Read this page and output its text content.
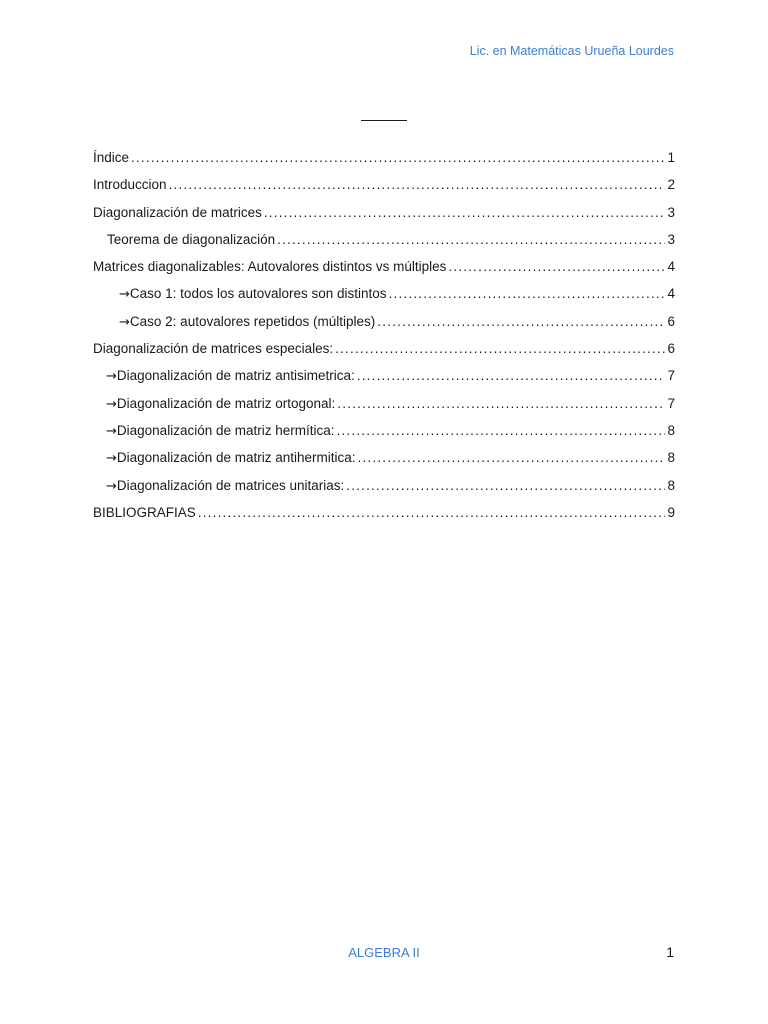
Lic. en Matemáticas Urueña Lourdes
Índice .....	1
Introduccion .....	2
Diagonalización de matrices .....	3
Teorema de diagonalización .....	3
Matrices diagonalizables: Autovalores distintos vs múltiples .....	4
→ Caso 1: todos los autovalores son distintos .....	4
→ Caso 2: autovalores repetidos (múltiples) .....	6
Diagonalización de matrices especiales: .....	6
→ Diagonalización de matriz antisimetrica: .....	7
→ Diagonalización de matriz ortogonal: .....	7
→ Diagonalización de matriz hermítica: .....	8
→ Diagonalización de matriz antihermitica: .....	8
→ Diagonalización de matrices unitarias: .....	8
BIBLIOGRAFIAS .....	9
ALGEBRA II	1
